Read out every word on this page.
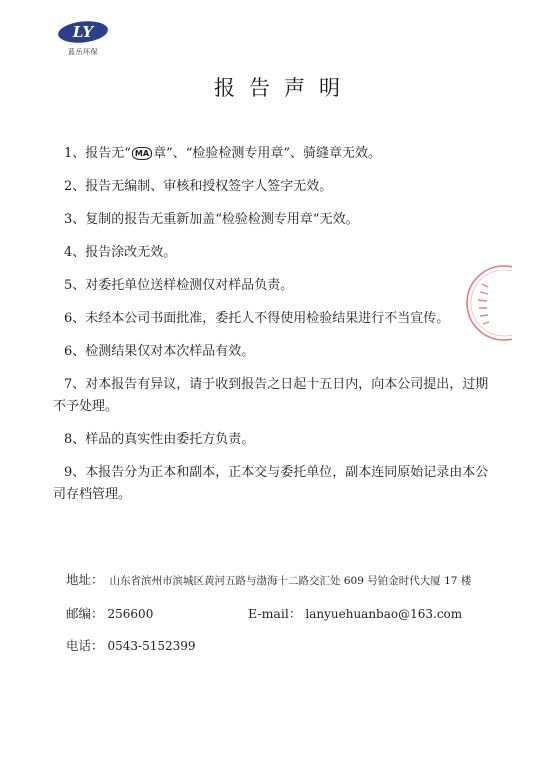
LY
蓝岳环保
报告声明
1、报告无“ MA 章”、“检验检测专用章”、骑缝章无效。
2、报告无编制、审核和授权签字人签字无效。
3、复制的报告无重新加盖“检验检测专用章”无效。
4、报告涂改无效。
5、对委托单位送样检测仅对样品负责。
6、未经本公司书面批准，委托人不得使用检验结果进行不当宣传。
6、检测结果仅对本次样品有效。
7、对本报告有异议，请于收到报告之日起十五日内，向本公司提出，过期不予处理。
8、样品的真实性由委托方负责。
9、本报告分为正本和副本，正本交与委托单位，副本连同原始记录由本公司存档管理。
地址： 山东省滨州市滨城区黄河五路与渤海十二路交汇处 609 号铂金时代大厦 17 楼
邮编： 256600	E-mail： lanyuehuanbao@163.com
电话： 0543-5152399
